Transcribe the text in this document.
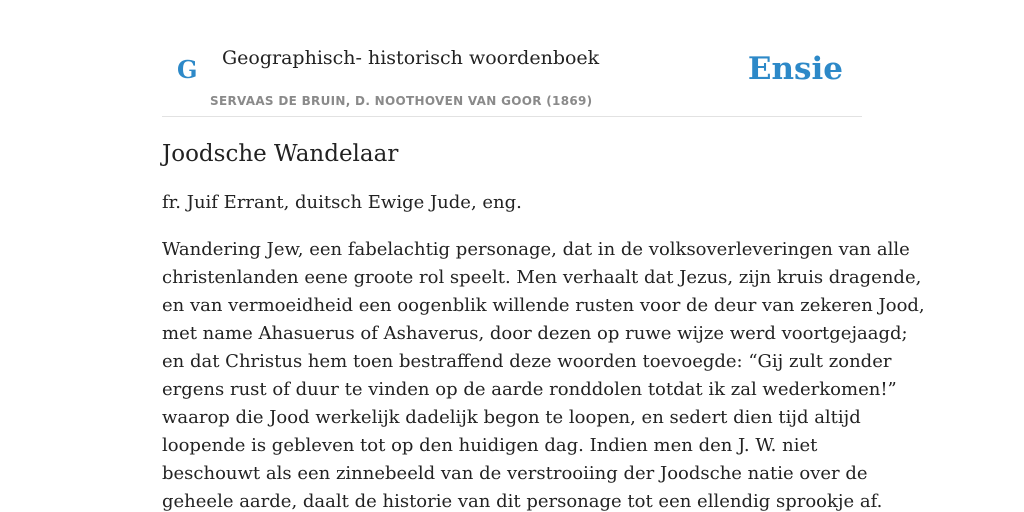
G Geographisch- historisch woordenboek
SERVAAS DE BRUIN, D. NOOTHOVEN VAN GOOR (1869)
Ensie
Joodsche Wandelaar

fr. Juif Errant, duitsch Ewige Jude, eng.

Wandering Jew, een fabelachtig personage, dat in de volksoverleveringen van alle
christenlanden eene groote rol speelt. Men verhaalt dat Jezus, zijn kruis dragende,
en van vermoeidheid een oogenblik willende rusten voor de deur van zekeren Jood,
met name Ahasuerus of Ashaverus, door dezen op ruwe wijze werd voortgejaagd;
en dat Christus hem toen bestraffend deze woorden toevoegde: “Gij zult zonder
ergens rust of duur te vinden op de aarde ronddolen totdat ik zal wederkomen!”
waarop die Jood werkelijk dadelijk begon te loopen, en sedert dien tijd altijd
loopende is gebleven tot op den huidigen dag. Indien men den J. W. niet
beschouwt als een zinnebeeld van de verstrooiing der Joodsche natie over de
geheele aarde, daalt de historie van dit personage tot een ellendig sprookje af.
